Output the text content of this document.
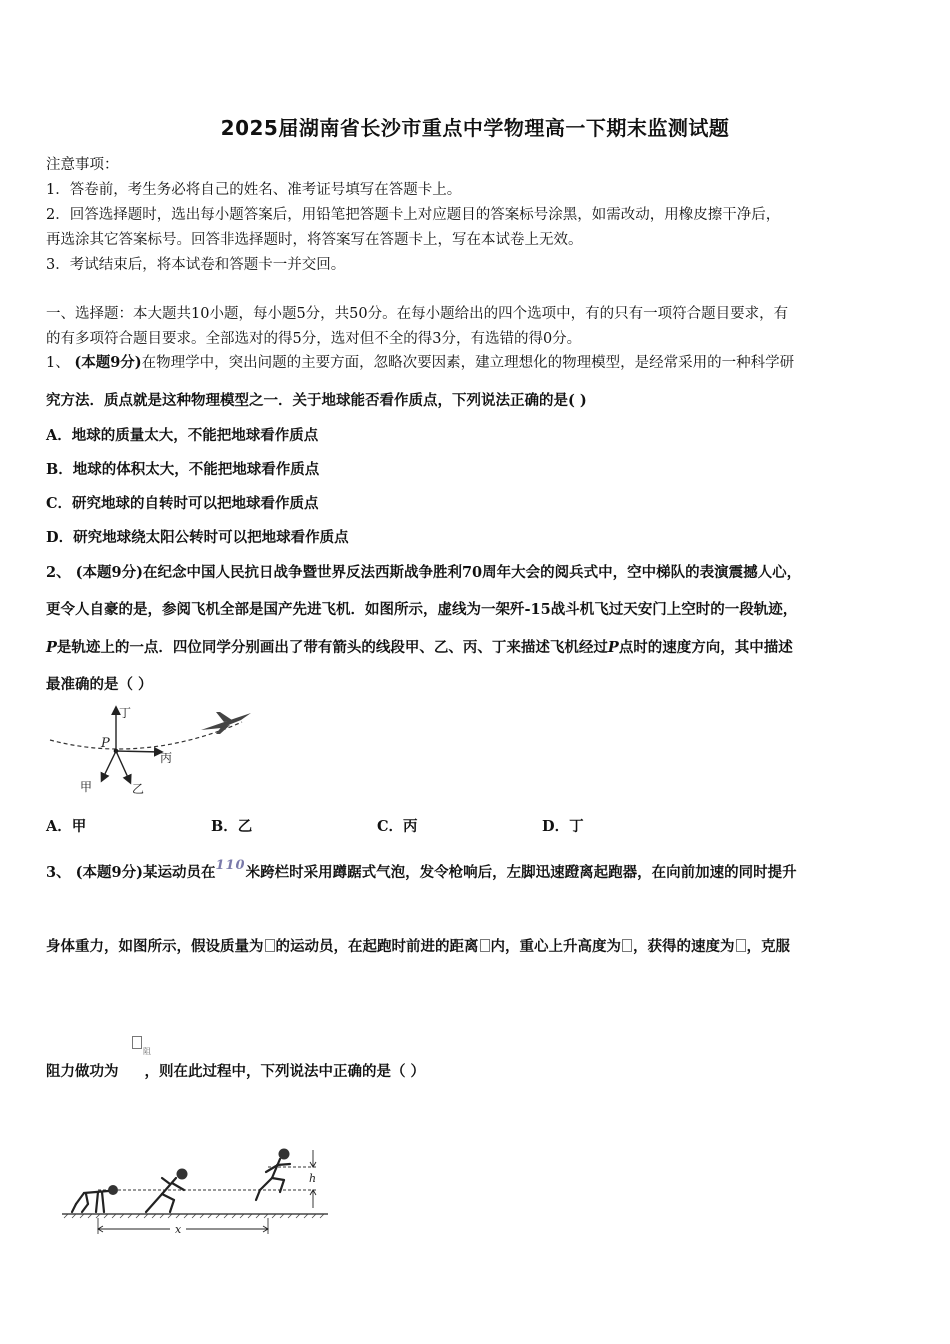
2025届湖南省长沙市重点中学物理高一下期末监测试题
注意事项：
1．答卷前，考生务必将自己的姓名、准考证号填写在答题卡上。
2．回答选择题时，选出每小题答案后，用铅笔把答题卡上对应题目的答案标号涂黑，如需改动，用橡皮擦干净后，
再选涂其它答案标号。回答非选择题时，将答案写在答题卡上，写在本试卷上无效。
3．考试结束后，将本试卷和答题卡一并交回。
一、选择题：本大题共10小题，每小题5分，共50分。在每小题给出的四个选项中，有的只有一项符合题目要求，有
的有多项符合题目要求。全部选对的得5分，选对但不全的得3分，有选错的得0分。
1、 (本题9分)在物理学中，突出问题的主要方面，忽略次要因素，建立理想化的物理模型，是经常采用的一种科学研
究方法．质点就是这种物理模型之一．关于地球能否看作质点，下列说法正确的是( )
A．地球的质量太大，不能把地球看作质点
B．地球的体积太大，不能把地球看作质点
C．研究地球的自转时可以把地球看作质点
D．研究地球绕太阳公转时可以把地球看作质点
2、 (本题9分)在纪念中国人民抗日战争暨世界反法西斯战争胜利70周年大会的阅兵式中，空中梯队的表演震撼人心，
更令人自豪的是，参阅飞机全部是国产先进飞机．如图所示，虚线为一架歼-15战斗机飞过天安门上空时的一段轨迹，
P是轨迹上的一点．四位同学分别画出了带有箭头的线段甲、乙、丙、丁来描述飞机经过P点时的速度方向，其中描述
最准确的是（ ）
P
丁
丙
甲	乙
A．甲	B．乙	C．丙	D．丁
3、 (本题9分)某运动员在110米跨栏时采用蹲踞式气泡，发令枪响后，左脚迅速蹬离起跑器，在向前加速的同时提升
身体重力，如图所示，假设质量为 的运动员，在起跑时前进的距离 内，重心上升高度为 ，获得的速度为 ，克服
$_阻$
阻力做功为 ，则在此过程中，下列说法中正确的是（ ）
h
x
